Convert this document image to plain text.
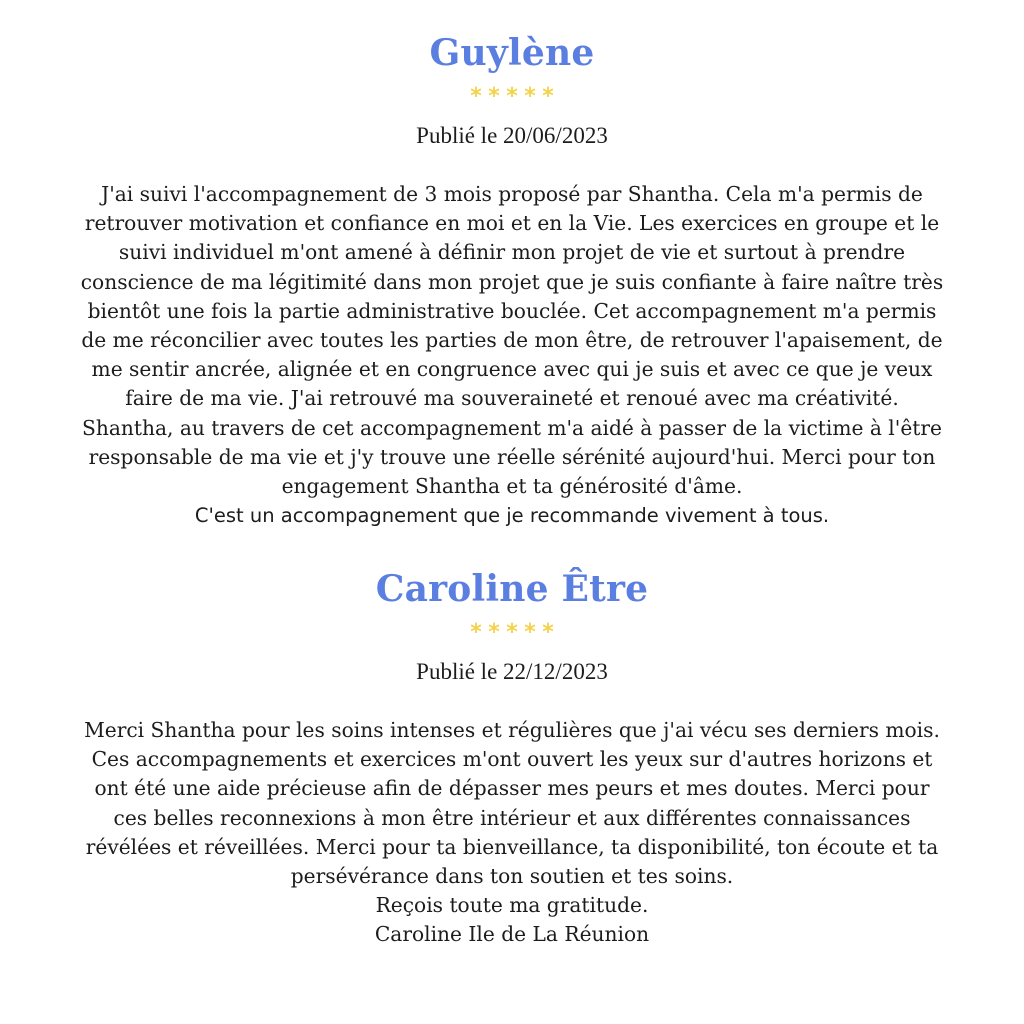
Guylène
* * * * *

Publié le 20/06/2023

J'ai suivi l'accompagnement de 3 mois proposé par Shantha. Cela m'a permis de
retrouver motivation et confiance en moi et en la Vie. Les exercices en groupe et le
suivi individuel m'ont amené à définir mon projet de vie et surtout à prendre
conscience de ma légitimité dans mon projet que je suis confiante à faire naître très
bientôt une fois la partie administrative bouclée. Cet accompagnement m'a permis
de me réconcilier avec toutes les parties de mon être, de retrouver l'apaisement, de
me sentir ancrée, alignée et en congruence avec qui je suis et avec ce que je veux
faire de ma vie. J'ai retrouvé ma souveraineté et renoué avec ma créativité.
Shantha, au travers de cet accompagnement m'a aidé à passer de la victime à l'être
responsable de ma vie et j'y trouve une réelle sérénité aujourd'hui. Merci pour ton
engagement Shantha et ta générosité d'âme.
C'est un accompagnement que je recommande vivement à tous.
Caroline Être
* * * * *

Publié le 22/12/2023

Merci Shantha pour les soins intenses et régulières que j'ai vécu ses derniers mois.
Ces accompagnements et exercices m'ont ouvert les yeux sur d'autres horizons et
ont été une aide précieuse afin de dépasser mes peurs et mes doutes. Merci pour
ces belles reconnexions à mon être intérieur et aux différentes connaissances
révélées et réveillées. Merci pour ta bienveillance, ta disponibilité, ton écoute et ta
persévérance dans ton soutien et tes soins.
Reçois toute ma gratitude.
Caroline Ile de La Réunion
